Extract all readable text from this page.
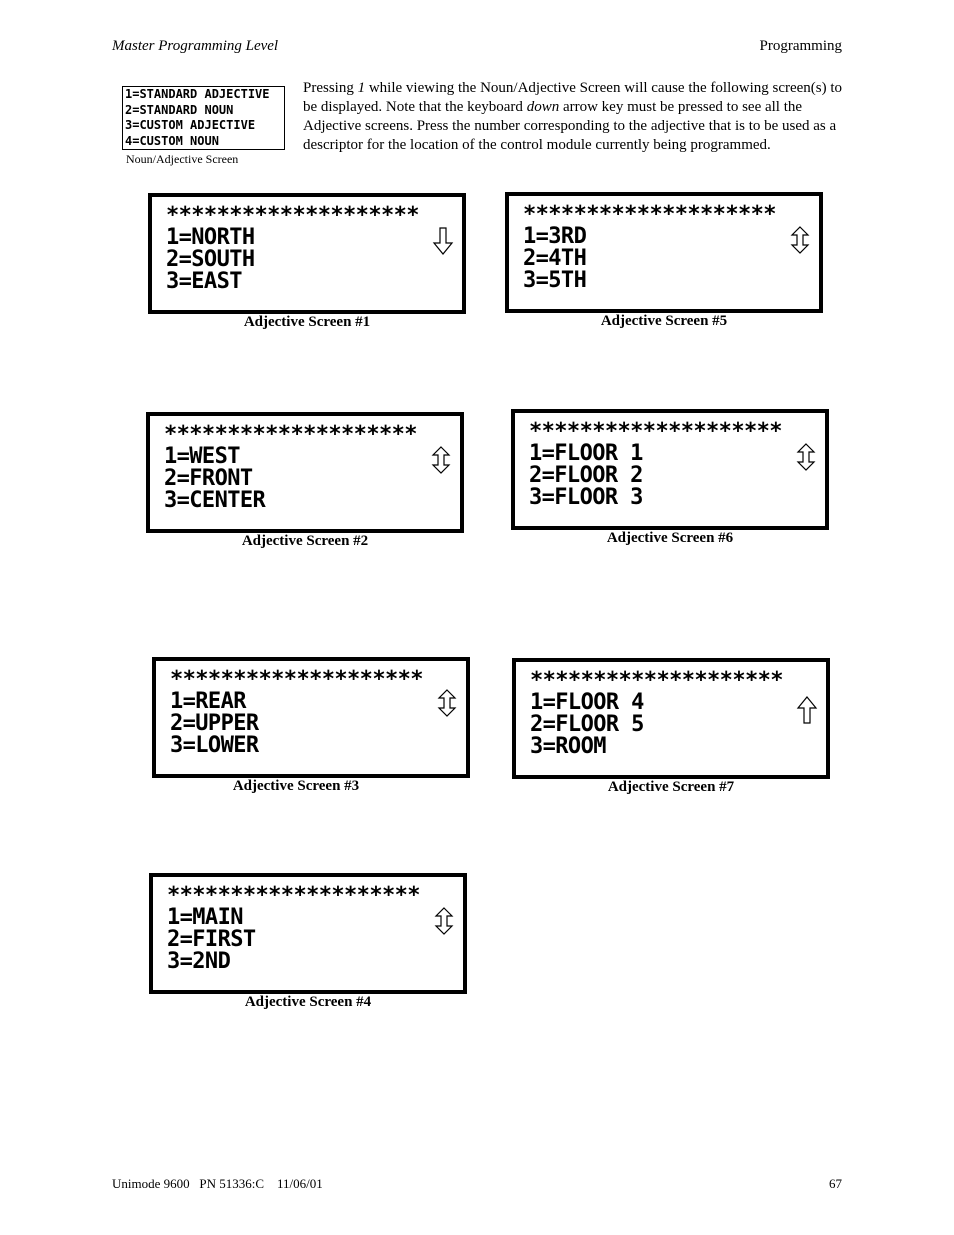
Master Programming Level	Programming
1=STANDARD ADJECTIVE
2=STANDARD NOUN
3=CUSTOM ADJECTIVE
4=CUSTOM NOUN
Noun/Adjective Screen
Pressing 1 while viewing the Noun/Adjective Screen will cause the following screen(s) to be displayed. Note that the keyboard down arrow key must be pressed to see all the Adjective screens. Press the number corresponding to the adjective that is to be used as a descriptor for the location of the control module currently being programmed.
********************
1=NORTH
2=SOUTH
3=EAST
Adjective Screen #1
********************
1=WEST
2=FRONT
3=CENTER
Adjective Screen #2
********************
1=REAR
2=UPPER
3=LOWER
Adjective Screen #3
********************
1=MAIN
2=FIRST
3=2ND
Adjective Screen #4
********************
1=3RD
2=4TH
3=5TH
Adjective Screen #5
********************
1=FLOOR 1
2=FLOOR 2
3=FLOOR 3
Adjective Screen #6
********************
1=FLOOR 4
2=FLOOR 5
3=ROOM
Adjective Screen #7
Unimode 9600   PN 51336:C    11/06/01	67
